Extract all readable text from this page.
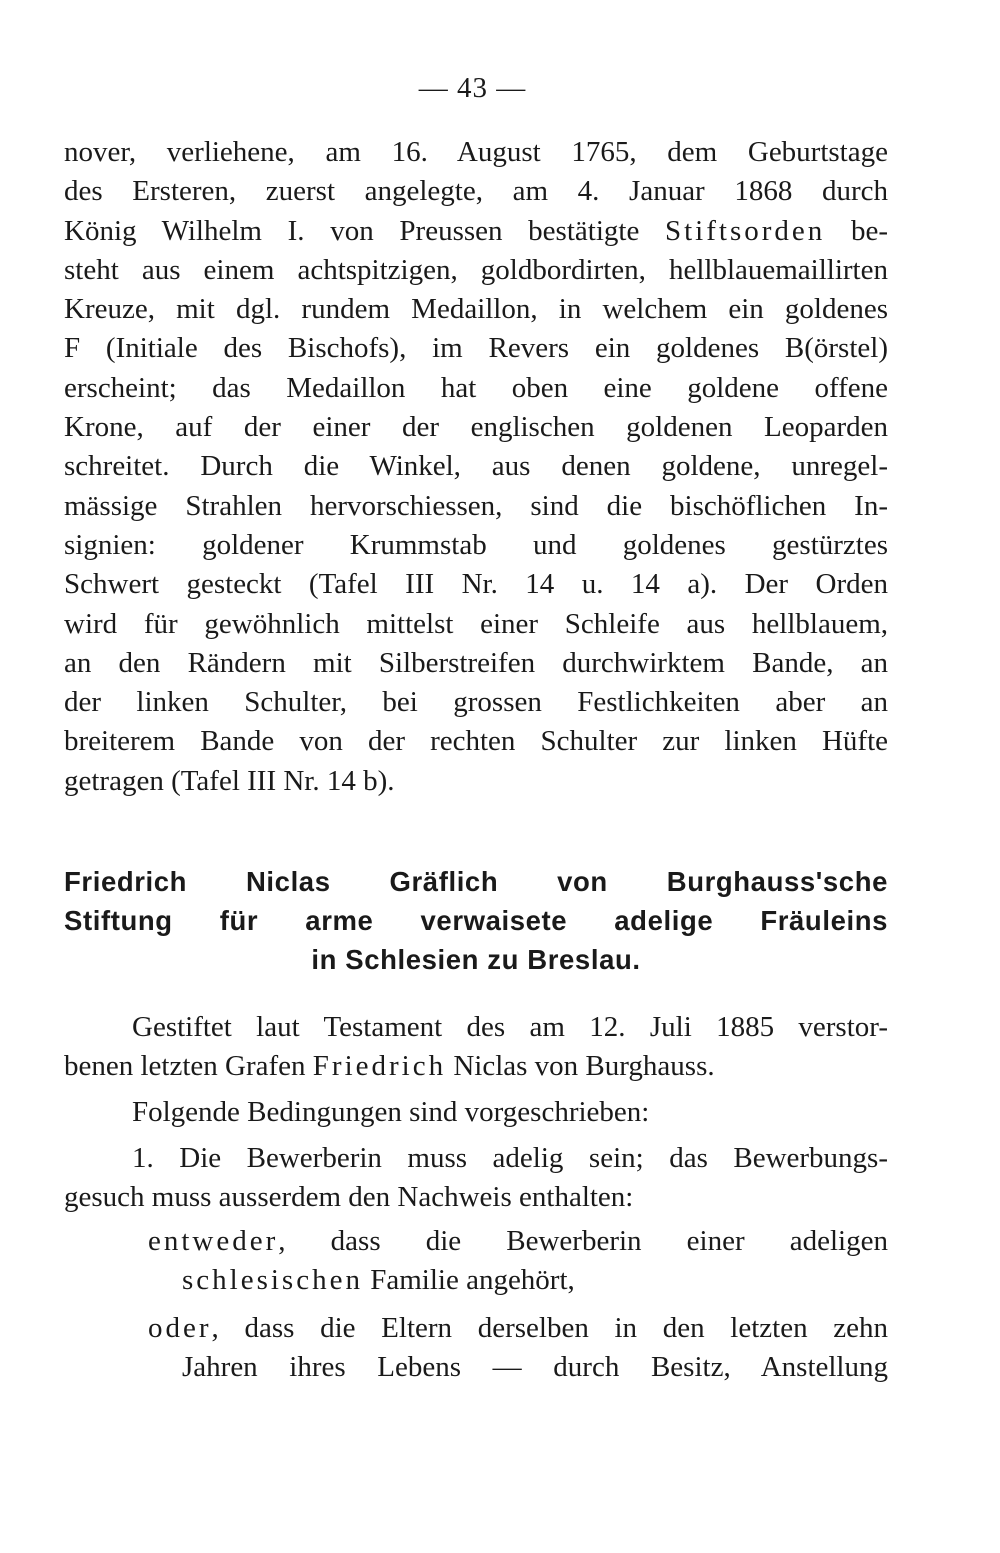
— 43 —
nover, verliehene, am 16. August 1765, dem Geburtstage
des Ersteren, zuerst angelegte, am 4. Januar 1868 durch
König Wilhelm I. von Preussen bestätigte Stiftsorden be-
steht aus einem achtspitzigen, goldbordirten, hellblauemaillirten
Kreuze, mit dgl. rundem Medaillon, in welchem ein goldenes
F (Initiale des Bischofs), im Revers ein goldenes B(örstel)
erscheint; das Medaillon hat oben eine goldene offene
Krone, auf der einer der englischen goldenen Leoparden
schreitet. Durch die Winkel, aus denen goldene, unregel-
mässige Strahlen hervorschiessen, sind die bischöflichen In-
signien: goldener Krummstab und goldenes gestürztes
Schwert gesteckt (Tafel III Nr. 14 u. 14 a). Der Orden
wird für gewöhnlich mittelst einer Schleife aus hellblauem,
an den Rändern mit Silberstreifen durchwirktem Bande, an
der linken Schulter, bei grossen Festlichkeiten aber an
breiterem Bande von der rechten Schulter zur linken Hüfte
getragen (Tafel III Nr. 14 b).
Friedrich Niclas Gräflich von Burghauss'sche
Stiftung für arme verwaisete adelige Fräuleins
in Schlesien zu Breslau.
Gestiftet laut Testament des am 12. Juli 1885 verstor-
benen letzten Grafen Friedrich Niclas von Burghauss.
Folgende Bedingungen sind vorgeschrieben:
1. Die Bewerberin muss adelig sein; das Bewerbungs-
gesuch muss ausserdem den Nachweis enthalten:
entweder, dass die Bewerberin einer adeligen
schlesischen Familie angehört,
oder, dass die Eltern derselben in den letzten zehn
Jahren ihres Lebens — durch Besitz, Anstellung
